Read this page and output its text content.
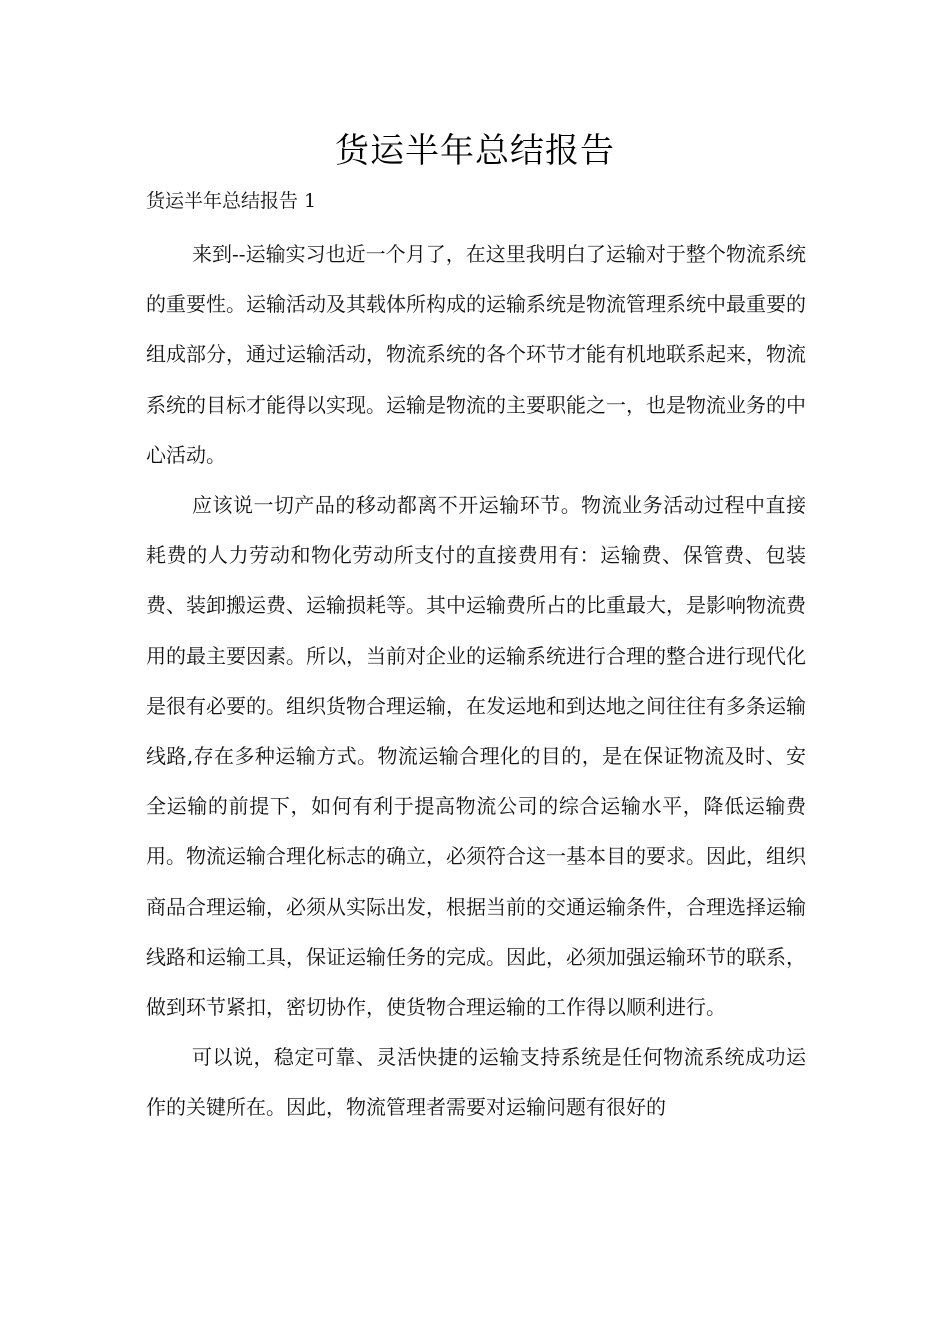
货运半年总结报告

货运半年总结报告 1

来到--运输实习也近一个月了，在这里我明白了运输对于整个物流系统的重要性。运输活动及其载体所构成的运输系统是物流管理系统中最重要的组成部分，通过运输活动，物流系统的各个环节才能有机地联系起来，物流系统的目标才能得以实现。运输是物流的主要职能之一，也是物流业务的中心活动。

应该说一切产品的移动都离不开运输环节。物流业务活动过程中直接耗费的人力劳动和物化劳动所支付的直接费用有：运输费、保管费、包装费、装卸搬运费、运输损耗等。其中运输费所占的比重最大，是影响物流费用的最主要因素。所以，当前对企业的运输系统进行合理的整合进行现代化是很有必要的。组织货物合理运输，在发运地和到达地之间往往有多条运输线路,存在多种运输方式。物流运输合理化的目的，是在保证物流及时、安全运输的前提下，如何有利于提高物流公司的综合运输水平，降低运输费用。物流运输合理化标志的确立，必须符合这一基本目的要求。因此，组织商品合理运输，必须从实际出发，根据当前的交通运输条件，合理选择运输线路和运输工具，保证运输任务的完成。因此，必须加强运输环节的联系，做到环节紧扣，密切协作，使货物合理运输的工作得以顺利进行。

可以说，稳定可靠、灵活快捷的运输支持系统是任何物流系统成功运作的关键所在。因此，物流管理者需要对运输问题有很好的
